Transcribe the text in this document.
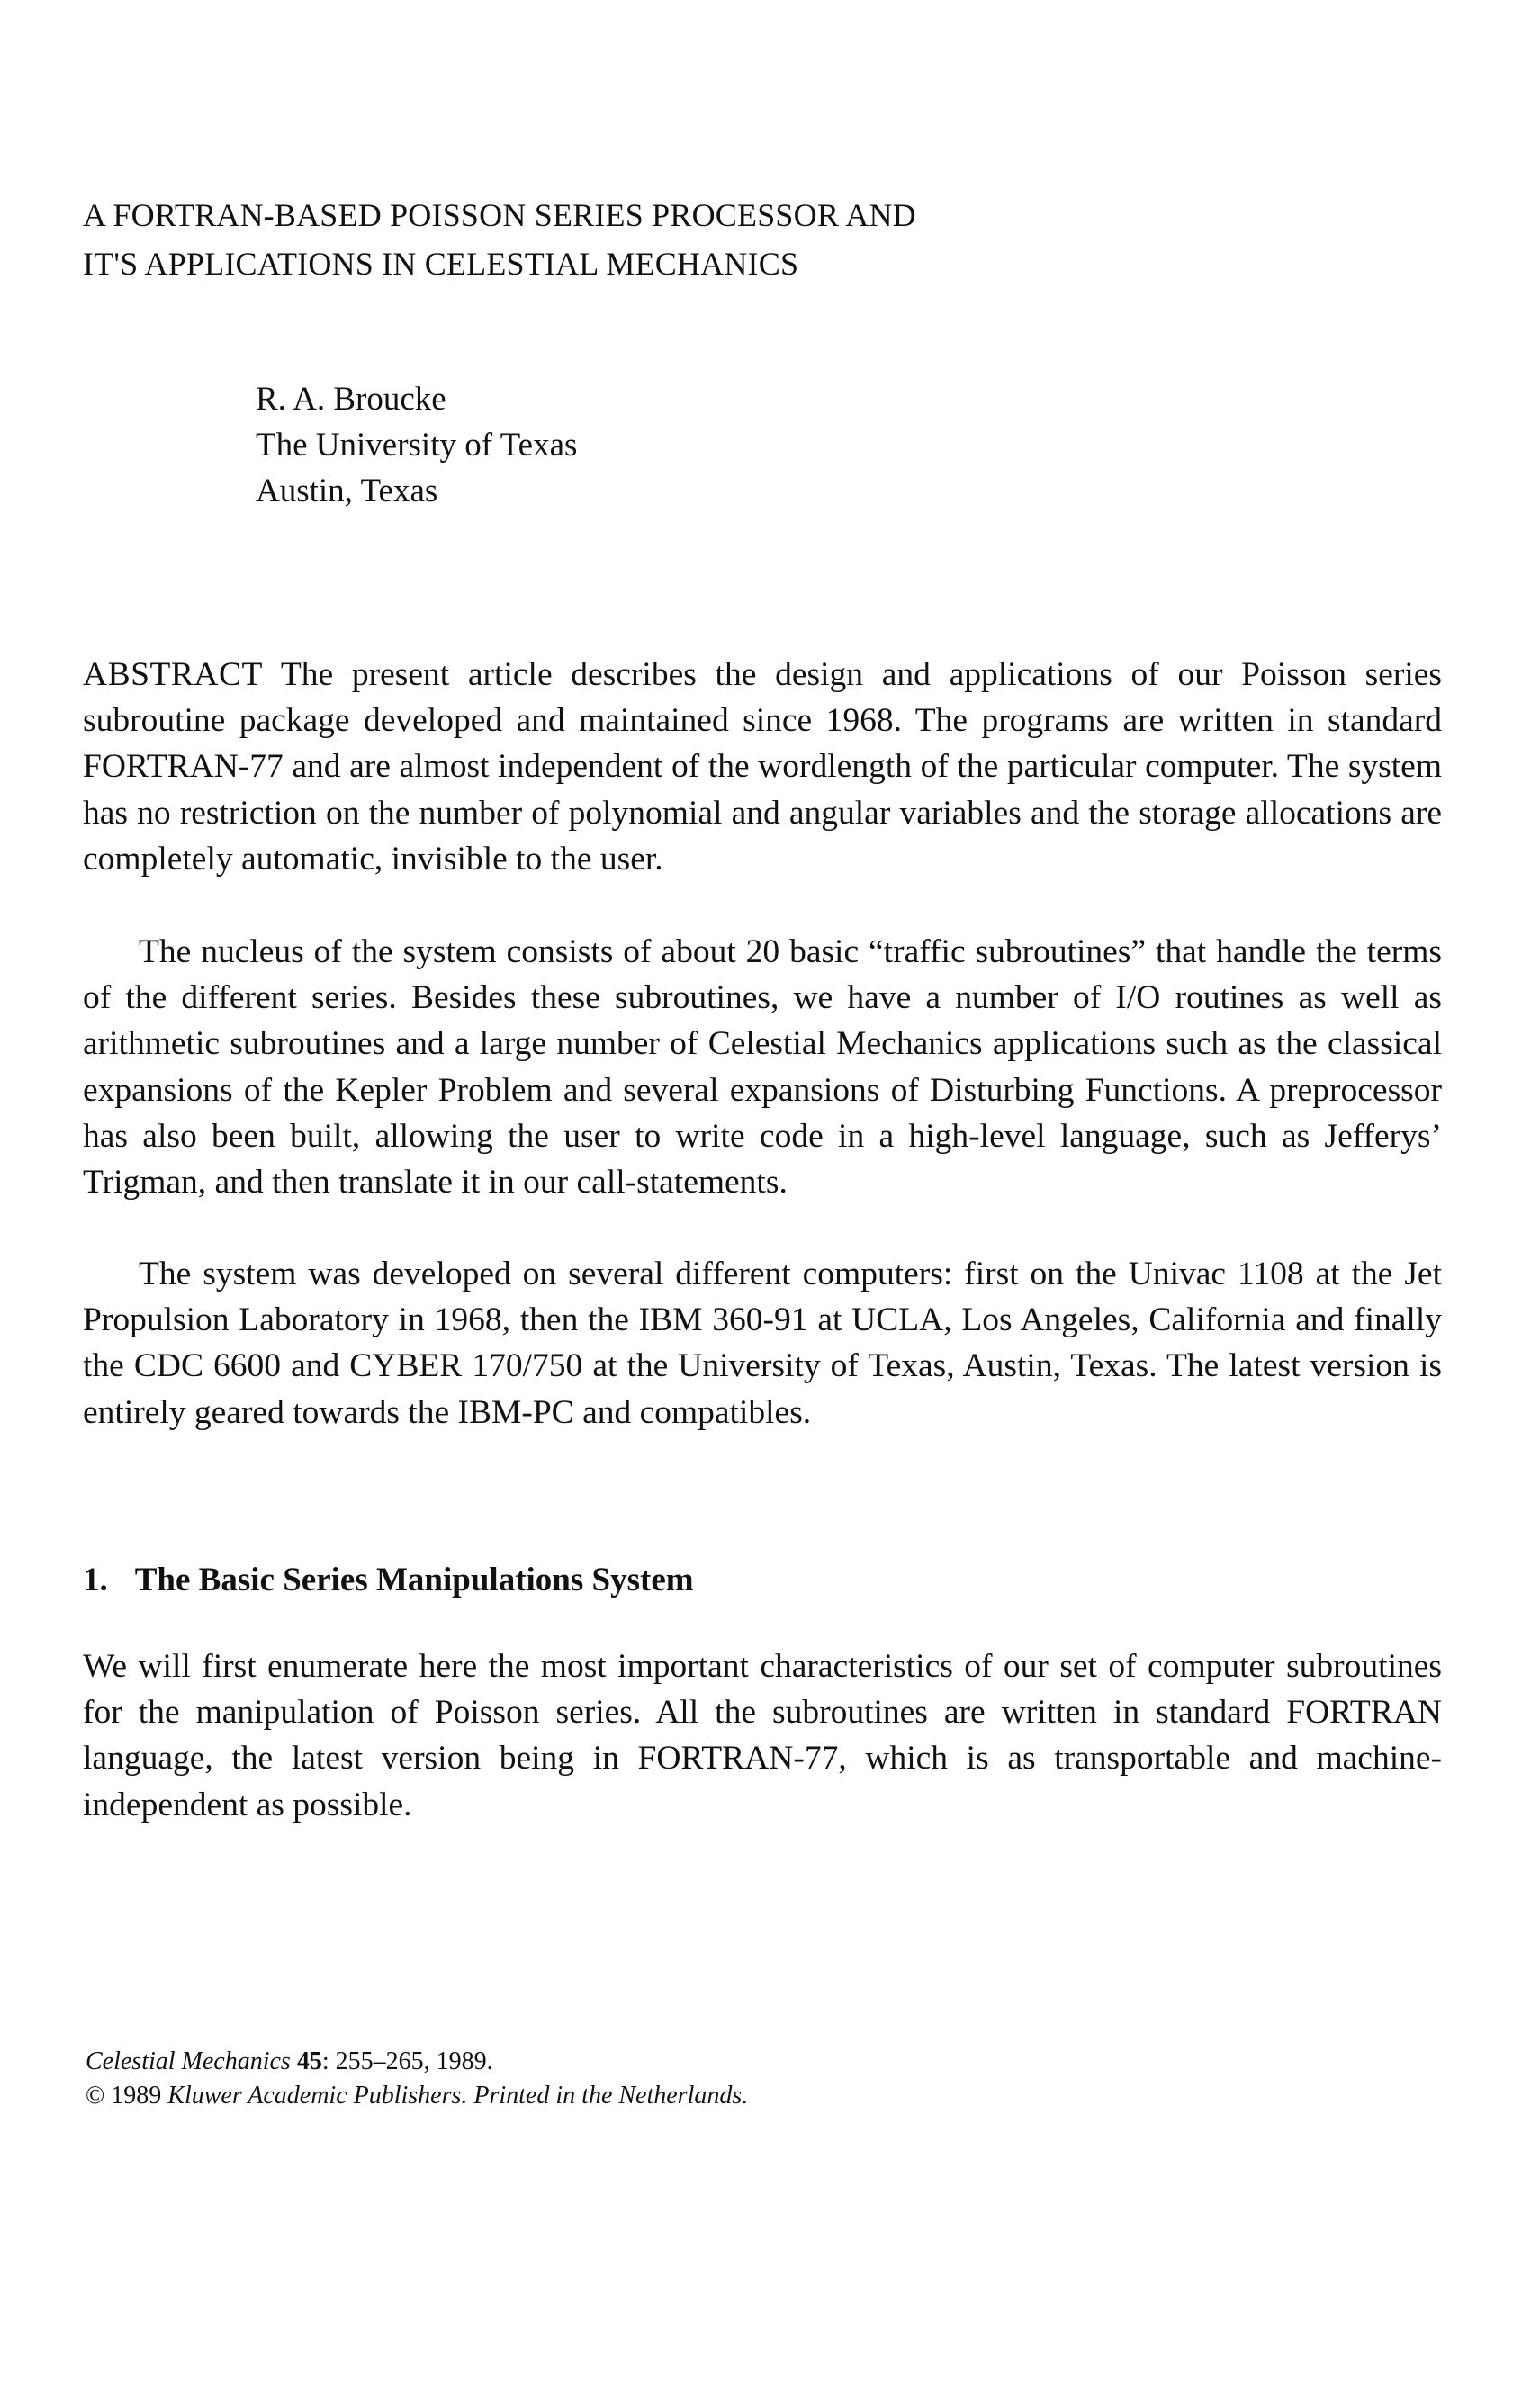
A FORTRAN-BASED POISSON SERIES PROCESSOR AND
IT'S APPLICATIONS IN CELESTIAL MECHANICS
R. A. Broucke
The University of Texas
Austin, Texas
ABSTRACT The present article describes the design and applications of our Poisson series subroutine package developed and maintained since 1968. The programs are written in standard FORTRAN-77 and are almost independent of the wordlength of the particular computer. The system has no restriction on the number of polynomial and angular variables and the storage allocations are completely automatic, invisible to the user.
The nucleus of the system consists of about 20 basic “traffic subroutines” that handle the terms of the different series. Besides these subroutines, we have a number of I/O routines as well as arithmetic subroutines and a large number of Celestial Mechanics applications such as the classical expansions of the Kepler Problem and several expansions of Disturbing Functions. A preprocessor has also been built, allowing the user to write code in a high-level language, such as Jefferys’ Trigman, and then translate it in our call-statements.
The system was developed on several different computers: first on the Univac 1108 at the Jet Propulsion Laboratory in 1968, then the IBM 360-91 at UCLA, Los Angeles, California and finally the CDC 6600 and CYBER 170/750 at the University of Texas, Austin, Texas. The latest version is entirely geared towards the IBM-PC and compatibles.
1. The Basic Series Manipulations System
We will first enumerate here the most important characteristics of our set of computer subroutines for the manipulation of Poisson series. All the subroutines are written in standard FORTRAN language, the latest version being in FORTRAN-77, which is as transportable and machine-independent as possible.
Celestial Mechanics 45: 255–265, 1989.
© 1989 Kluwer Academic Publishers. Printed in the Netherlands.
